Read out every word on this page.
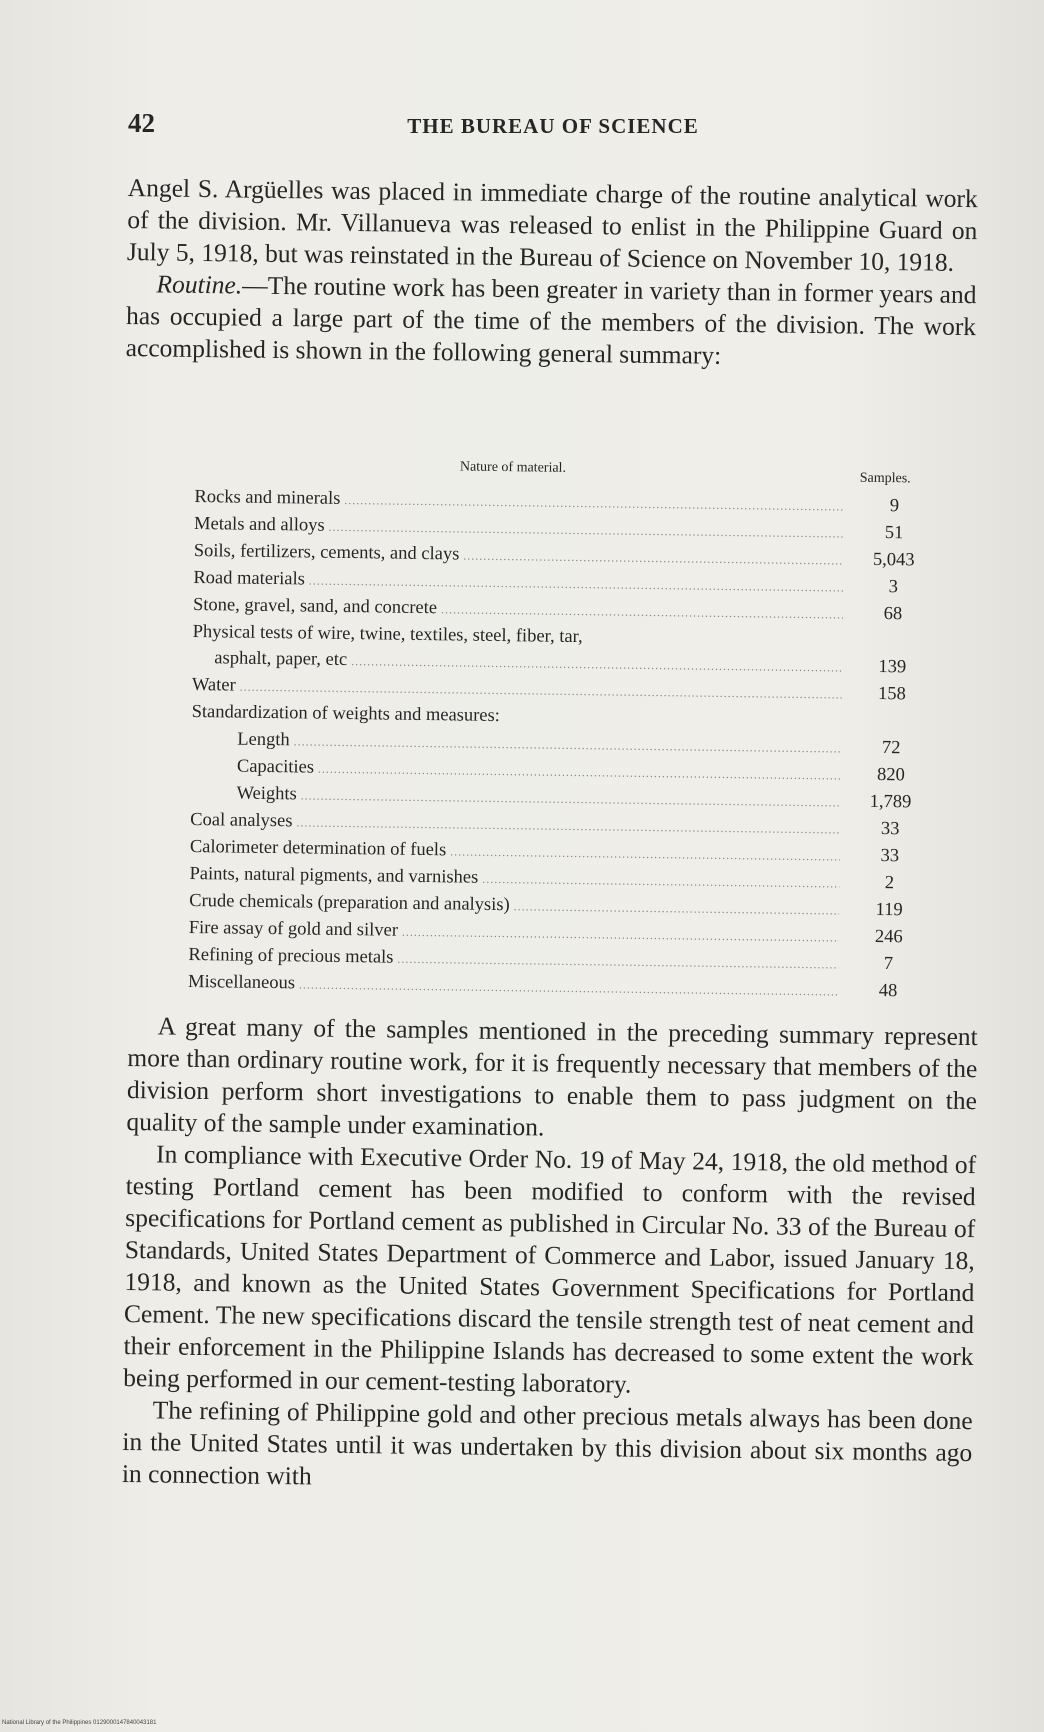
42	THE BUREAU OF SCIENCE

Angel S. Argüelles was placed in immediate charge of the routine analytical work of the division. Mr. Villanueva was released to enlist in the Philippine Guard on July 5, 1918, but was reinstated in the Bureau of Science on November 10, 1918.

Routine.—The routine work has been greater in variety than in former years and has occupied a large part of the time of the members of the division. The work accomplished is shown in the following general summary:

Nature of material.
Samples.
Rocks and minerals .....	9
Metals and alloys .....	51
Soils, fertilizers, cements, and clays .....	5,043
Road materials .....	3
Stone, gravel, sand, and concrete .....	68
Physical tests of wire, twine, textiles, steel, fiber, tar,
asphalt, paper, etc .....	139
Water .....	158
Standardization of weights and measures:
Length .....	72
Capacities .....	820
Weights .....	1,789
Coal analyses .....	33
Calorimeter determination of fuels .....	33
Paints, natural pigments, and varnishes .....	2
Crude chemicals (preparation and analysis) .....	119
Fire assay of gold and silver .....	246
Refining of precious metals .....	7
Miscellaneous .....	48

A great many of the samples mentioned in the preceding summary represent more than ordinary routine work, for it is frequently necessary that members of the division perform short investigations to enable them to pass judgment on the quality of the sample under examination.

In compliance with Executive Order No. 19 of May 24, 1918, the old method of testing Portland cement has been modified to conform with the revised specifications for Portland cement as published in Circular No. 33 of the Bureau of Standards, United States Department of Commerce and Labor, issued January 18, 1918, and known as the United States Government Specifications for Portland Cement. The new specifications discard the tensile strength test of neat cement and their enforcement in the Philippine Islands has decreased to some extent the work being performed in our cement-testing laboratory.

The refining of Philippine gold and other precious metals always has been done in the United States until it was undertaken by this division about six months ago in connection with

National Library of the Philippines 0129000147840043181
